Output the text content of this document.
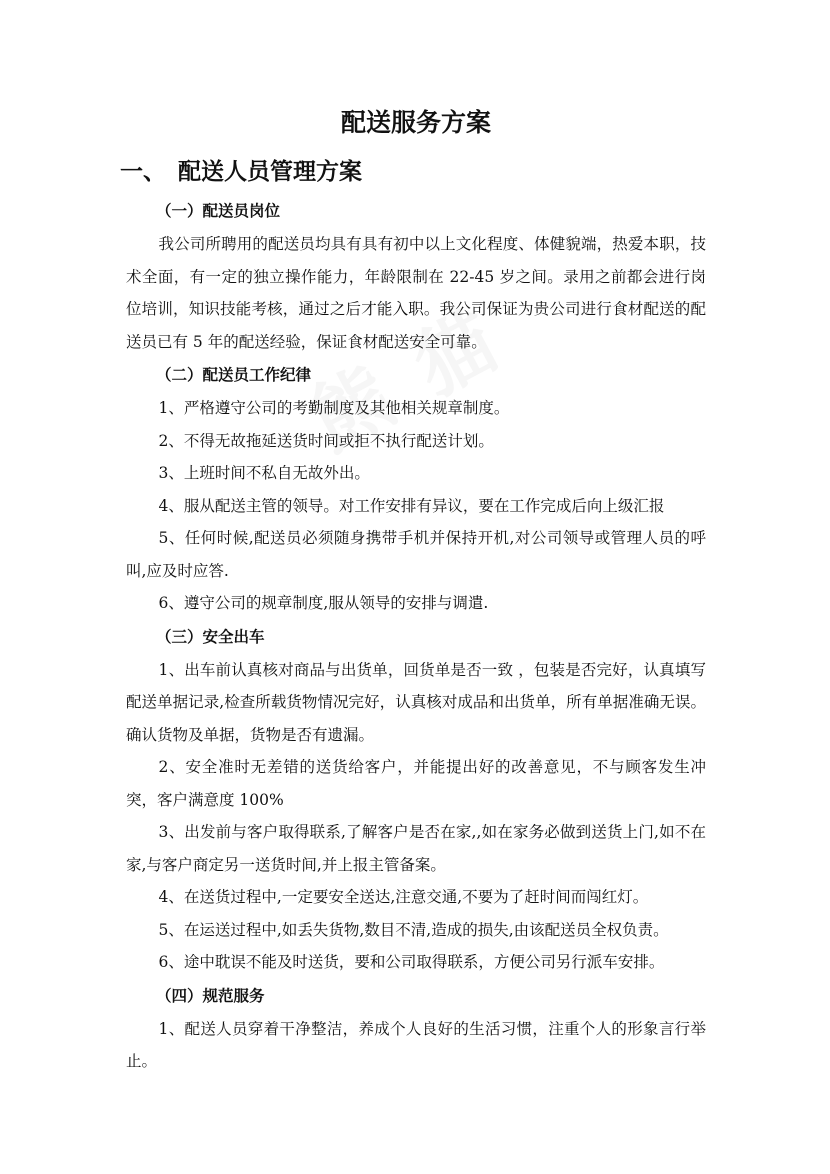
配送服务方案
一、 配送人员管理方案
（一）配送员岗位

我公司所聘用的配送员均具有具有初中以上文化程度、体健貌端，热爱本职，技术全面，有一定的独立操作能力，年龄限制在 22-45 岁之间。录用之前都会进行岗位培训，知识技能考核，通过之后才能入职。我公司保证为贵公司进行食材配送的配送员已有 5 年的配送经验，保证食材配送安全可靠。

（二）配送员工作纪律

1、严格遵守公司的考勤制度及其他相关规章制度。

2、不得无故拖延送货时间或拒不执行配送计划。

3、上班时间不私自无故外出。

4、服从配送主管的领导。对工作安排有异议，要在工作完成后向上级汇报

5、任何时候,配送员必须随身携带手机并保持开机,对公司领导或管理人员的呼叫,应及时应答.

6、遵守公司的规章制度,服从领导的安排与调遣.

（三）安全出车

1、出车前认真核对商品与出货单，回货单是否一致 ，包装是否完好，认真填写配送单据记录,检查所载货物情况完好，认真核对成品和出货单，所有单据准确无误。确认货物及单据，货物是否有遗漏。

2、安全准时无差错的送货给客户，并能提出好的改善意见，不与顾客发生冲突，客户满意度 100%

3、出发前与客户取得联系,了解客户是否在家,,如在家务必做到送货上门,如不在家,与客户商定另一送货时间,并上报主管备案。

4、在送货过程中,一定要安全送达,注意交通,不要为了赶时间而闯红灯。

5、在运送过程中,如丢失货物,数目不清,造成的损失,由该配送员全权负责。

6、途中耽误不能及时送货，要和公司取得联系，方便公司另行派车安排。

（四）规范服务

1、配送人员穿着干净整洁，养成个人良好的生活习惯，注重个人的形象言行举止。
